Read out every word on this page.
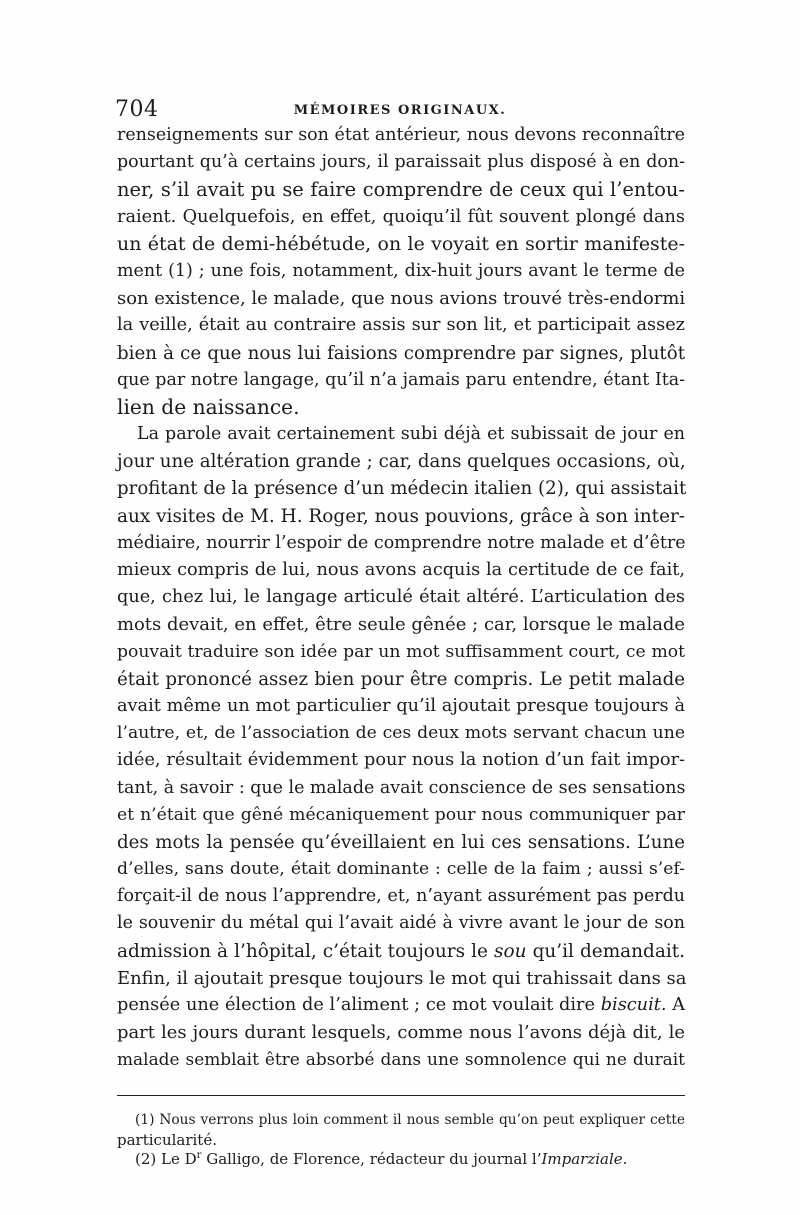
704	MÉMOIRES ORIGINAUX.
renseignements sur son état antérieur, nous devons reconnaître
pourtant qu’à certains jours, il paraissait plus disposé à en don-
ner, s’il avait pu se faire comprendre de ceux qui l’entou-
raient. Quelquefois, en effet, quoiqu’il fût souvent plongé dans
un état de demi-hébétude, on le voyait en sortir manifeste-
ment (1) ; une fois, notamment, dix-huit jours avant le terme de
son existence, le malade, que nous avions trouvé très-endormi
la veille, était au contraire assis sur son lit, et participait assez
bien à ce que nous lui faisions comprendre par signes, plutôt
que par notre langage, qu’il n’a jamais paru entendre, étant Ita-
lien de naissance.
La parole avait certainement subi déjà et subissait de jour en
jour une altération grande ; car, dans quelques occasions, où,
profitant de la présence d’un médecin italien (2), qui assistait
aux visites de M. H. Roger, nous pouvions, grâce à son inter-
médiaire, nourrir l’espoir de comprendre notre malade et d’être
mieux compris de lui, nous avons acquis la certitude de ce fait,
que, chez lui, le langage articulé était altéré. L’articulation des
mots devait, en effet, être seule gênée ; car, lorsque le malade
pouvait traduire son idée par un mot suffisamment court, ce mot
était prononcé assez bien pour être compris. Le petit malade
avait même un mot particulier qu’il ajoutait presque toujours à
l’autre, et, de l’association de ces deux mots servant chacun une
idée, résultait évidemment pour nous la notion d’un fait impor-
tant, à savoir : que le malade avait conscience de ses sensations
et n’était que gêné mécaniquement pour nous communiquer par
des mots la pensée qu’éveillaient en lui ces sensations. L’une
d’elles, sans doute, était dominante : celle de la faim ; aussi s’ef-
forçait-il de nous l’apprendre, et, n’ayant assurément pas perdu
le souvenir du métal qui l’avait aidé à vivre avant le jour de son
admission à l’hôpital, c’était toujours le sou qu’il demandait.
Enfin, il ajoutait presque toujours le mot qui trahissait dans sa
pensée une élection de l’aliment ; ce mot voulait dire biscuit. A
part les jours durant lesquels, comme nous l’avons déjà dit, le
malade semblait être absorbé dans une somnolence qui ne durait
(1) Nous verrons plus loin comment il nous semble qu’on peut expliquer cette
particularité.
(2) Le $D^r$ Galligo, de Florence, rédacteur du journal l’Imparziale.
